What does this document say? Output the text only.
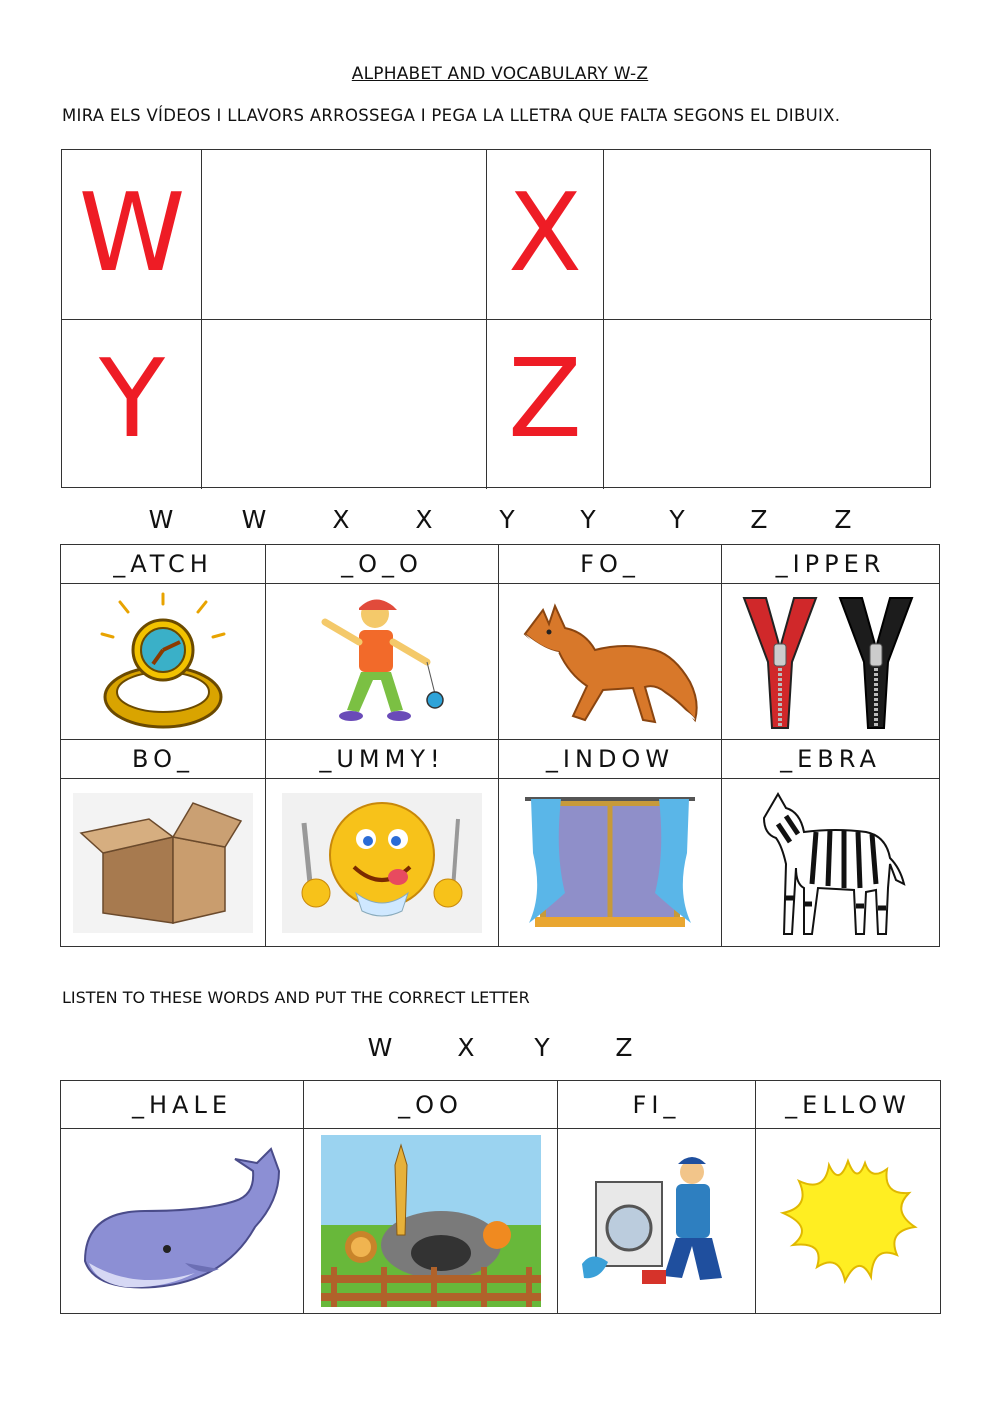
ALPHABET AND VOCABULARY W-Z
MIRA ELS VÍDEOS I LLAVORS ARROSSEGA I PEGA LA LLETRA QUE FALTA SEGONS EL DIBUIX.
W	X
Y	Z
W	W	X	X	Y	Y	Y	Z	Z
_ATCH	_O_O	FO_	_IPPER

BO_	_UMMY!	_INDOW	_EBRA

LISTEN TO THESE WORDS AND PUT THE CORRECT LETTER
W	X Y	Z
_HALE	_OO	FI_	_ELLOW
